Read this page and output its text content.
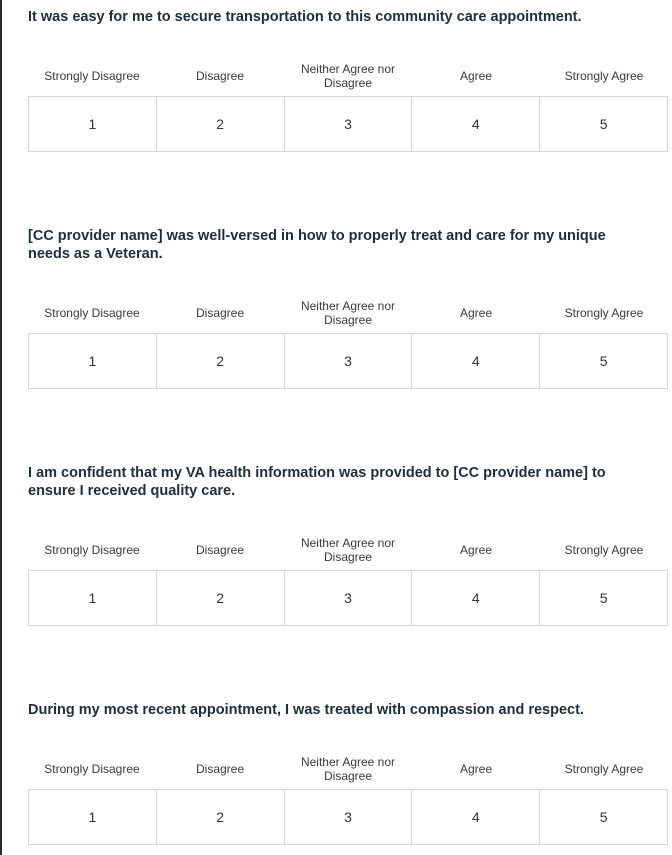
It was easy for me to secure transportation to this community care appointment.

Strongly Disagree	Disagree	Neither Agree nor Disagree	Agree	Strongly Agree
1	2	3	4	5

[CC provider name] was well-versed in how to properly treat and care for my unique needs as a Veteran.

Strongly Disagree	Disagree	Neither Agree nor Disagree	Agree	Strongly Agree
1	2	3	4	5

I am confident that my VA health information was provided to [CC provider name] to ensure I received quality care.

Strongly Disagree	Disagree	Neither Agree nor Disagree	Agree	Strongly Agree
1	2	3	4	5

During my most recent appointment, I was treated with compassion and respect.

Strongly Disagree	Disagree	Neither Agree nor Disagree	Agree	Strongly Agree
1	2	3	4	5
